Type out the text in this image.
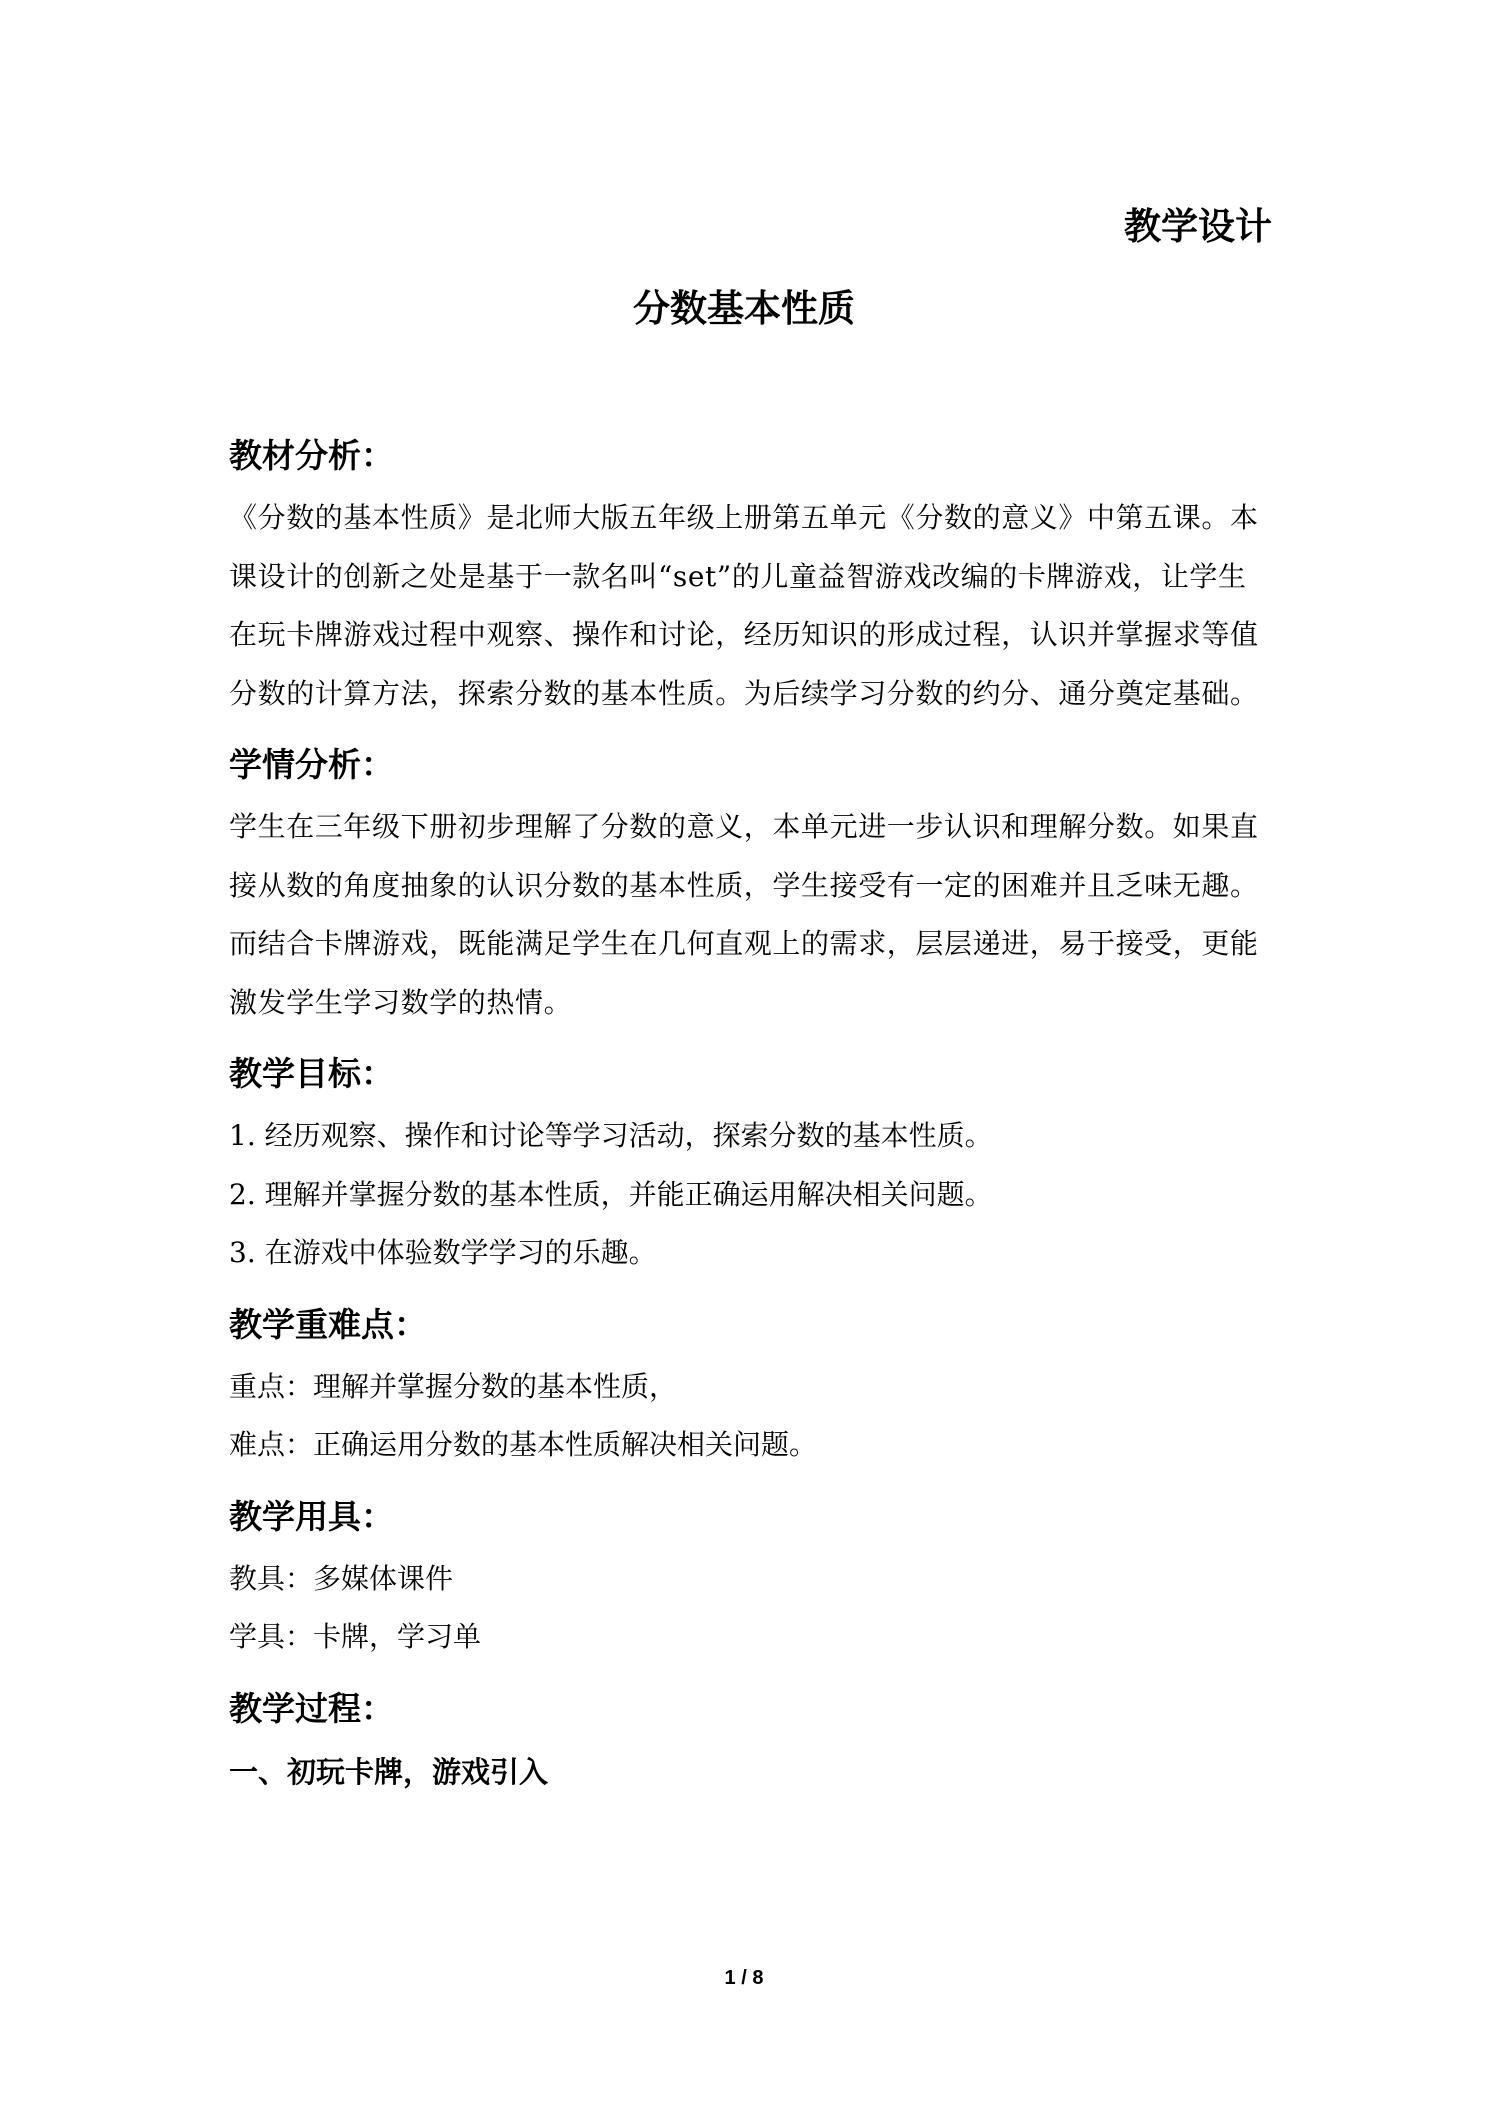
教学设计
分数基本性质
教材分析：

《分数的基本性质》是北师大版五年级上册第五单元《分数的意义》中第五课。本课设计的创新之处是基于一款名叫“set”的儿童益智游戏改编的卡牌游戏，让学生在玩卡牌游戏过程中观察、操作和讨论，经历知识的形成过程，认识并掌握求等值分数的计算方法，探索分数的基本性质。为后续学习分数的约分、通分奠定基础。

学情分析：

学生在三年级下册初步理解了分数的意义，本单元进一步认识和理解分数。如果直接从数的角度抽象的认识分数的基本性质，学生接受有一定的困难并且乏味无趣。而结合卡牌游戏，既能满足学生在几何直观上的需求，层层递进，易于接受，更能激发学生学习数学的热情。

教学目标：

1. 经历观察、操作和讨论等学习活动，探索分数的基本性质。

2. 理解并掌握分数的基本性质，并能正确运用解决相关问题。

3. 在游戏中体验数学学习的乐趣。

教学重难点：

重点：理解并掌握分数的基本性质，

难点：正确运用分数的基本性质解决相关问题。

教学用具：

教具：多媒体课件

学具：卡牌，学习单

教学过程：

一、初玩卡牌，游戏引入

1 / 8
